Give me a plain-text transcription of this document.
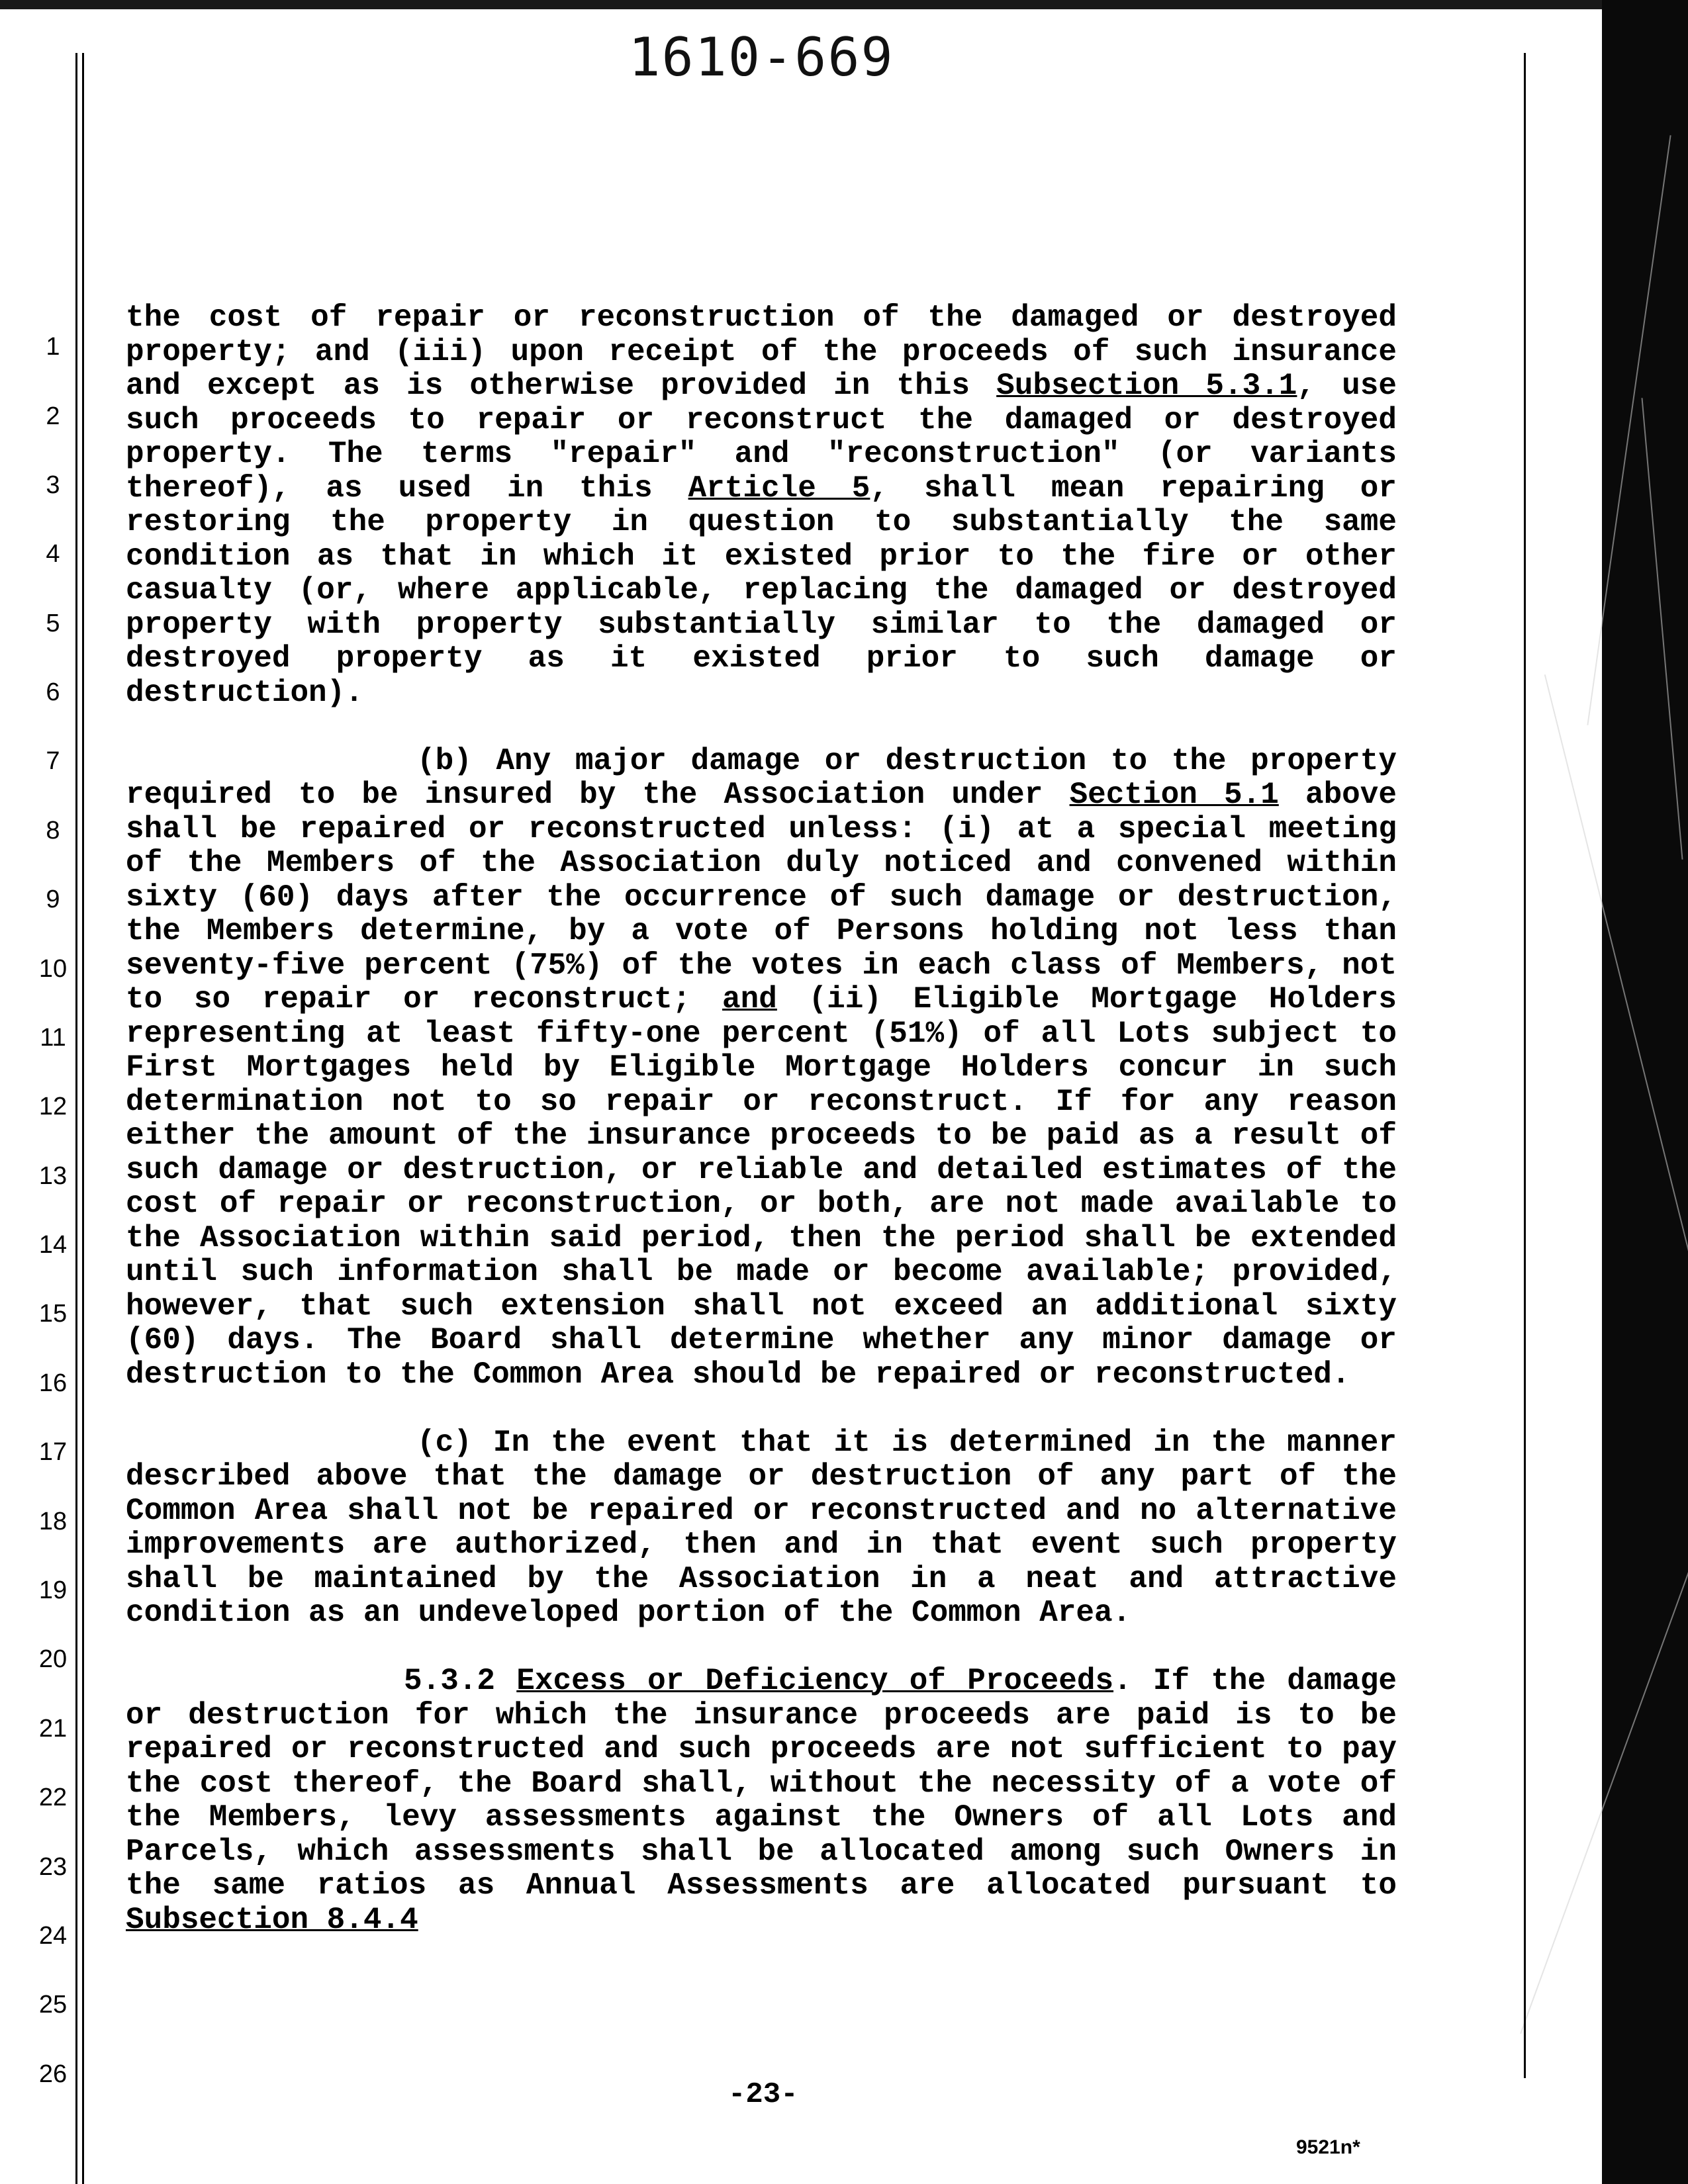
1610-669
1
2
3
4
5
6
7
8
9
10
11
12
13
14
15
16
17
18
19
20
21
22
23
24
25
26

the cost of repair or reconstruction of the damaged or destroyed property; and (iii) upon receipt of the proceeds of such insurance and except as is otherwise provided in this Subsection 5.3.1, use such proceeds to repair or reconstruct the damaged or destroyed property. The terms "repair" and "reconstruction" (or variants thereof), as used in this Article 5, shall mean repairing or restoring the property in question to substantially the same condition as that in which it existed prior to the fire or other casualty (or, where applicable, replacing the damaged or destroyed property with property substantially similar to the damaged or destroyed property as it existed prior to such damage or destruction).

(b) Any major damage or destruction to the property required to be insured by the Association under Section 5.1 above shall be repaired or reconstructed unless: (i) at a special meeting of the Members of the Association duly noticed and convened within sixty (60) days after the occurrence of such damage or destruction, the Members determine, by a vote of Persons holding not less than seventy-five percent (75%) of the votes in each class of Members, not to so repair or reconstruct; and (ii) Eligible Mortgage Holders representing at least fifty-one percent (51%) of all Lots subject to First Mortgages held by Eligible Mortgage Holders concur in such determination not to so repair or reconstruct. If for any reason either the amount of the insurance proceeds to be paid as a result of such damage or destruction, or reliable and detailed estimates of the cost of repair or reconstruction, or both, are not made available to the Association within said period, then the period shall be extended until such information shall be made or become available; provided, however, that such extension shall not exceed an additional sixty (60) days. The Board shall determine whether any minor damage or destruction to the Common Area should be repaired or reconstructed.

(c) In the event that it is determined in the manner described above that the damage or destruction of any part of the Common Area shall not be repaired or reconstructed and no alternative improvements are authorized, then and in that event such property shall be maintained by the Association in a neat and attractive condition as an undeveloped portion of the Common Area.

5.3.2 Excess or Deficiency of Proceeds. If the damage or destruction for which the insurance proceeds are paid is to be repaired or reconstructed and such proceeds are not sufficient to pay the cost thereof, the Board shall, without the necessity of a vote of the Members, levy assessments against the Owners of all Lots and Parcels, which assessments shall be allocated among such Owners in the same ratios as Annual Assessments are allocated pursuant to Subsection 8.4.4

-23-
9521n*
